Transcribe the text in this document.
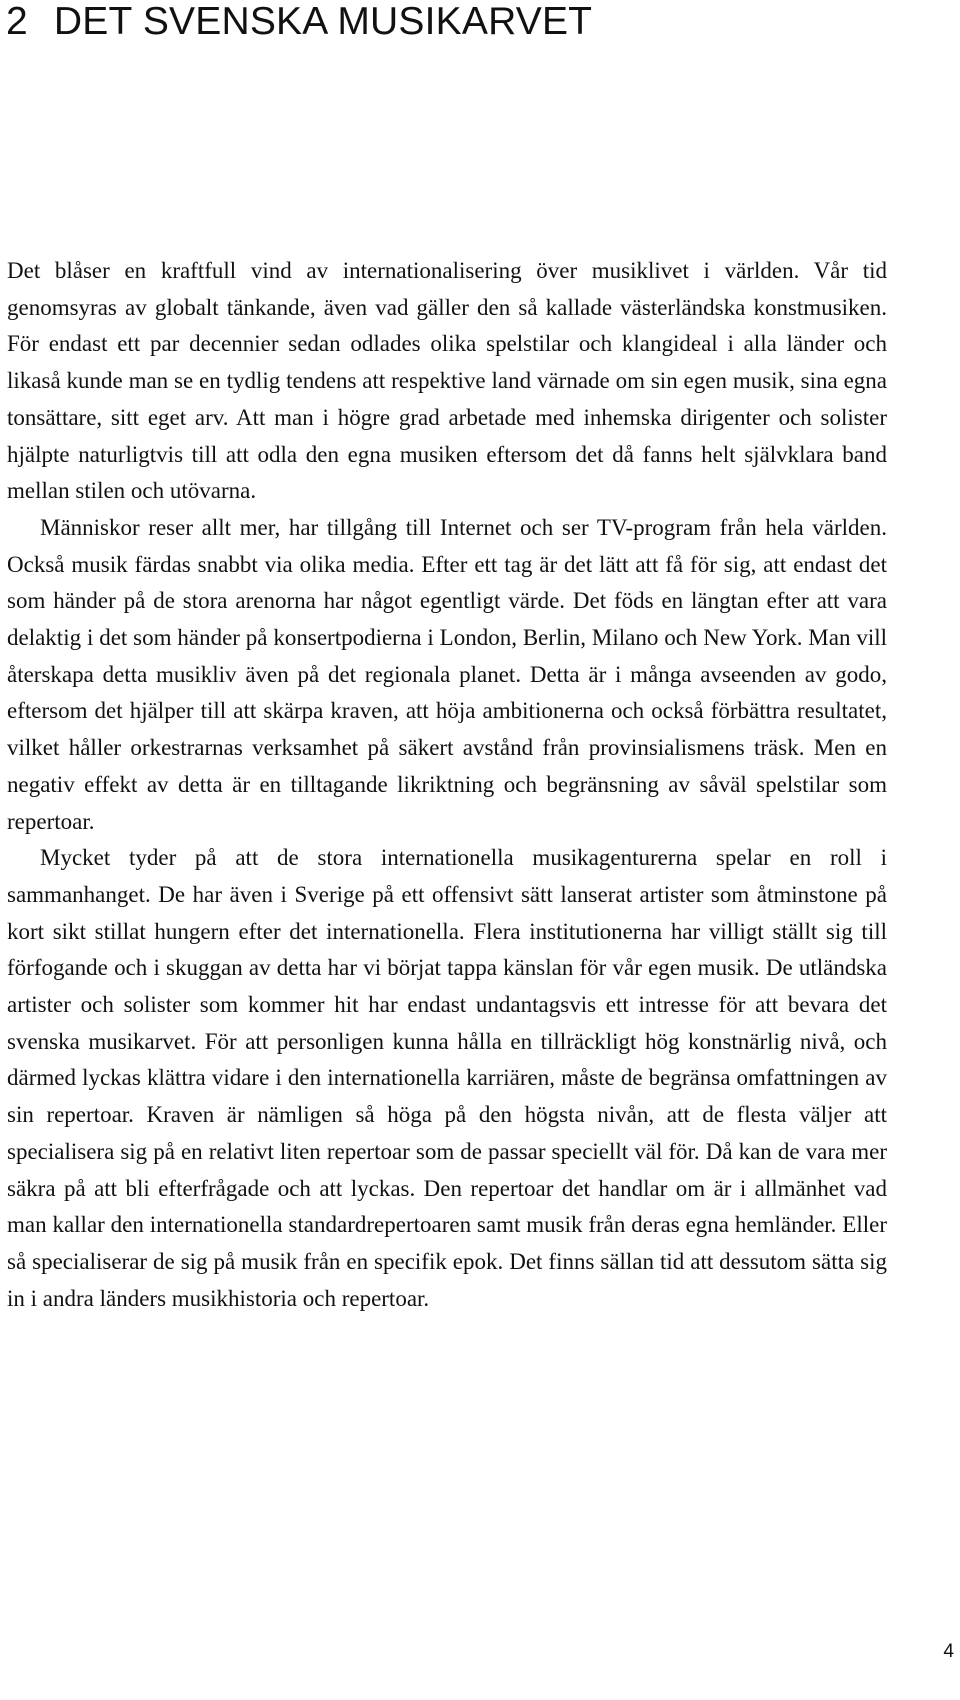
2 DET SVENSKA MUSIKARVET

Det blåser en kraftfull vind av internationalisering över musiklivet i världen. Vår tid genomsyras av globalt tänkande, även vad gäller den så kallade västerländska konstmusiken. För endast ett par decennier sedan odlades olika spelstilar och klangideal i alla länder och likaså kunde man se en tydlig tendens att respektive land värnade om sin egen musik, sina egna tonsättare, sitt eget arv. Att man i högre grad arbetade med inhemska dirigenter och solister hjälpte naturligtvis till att odla den egna musiken eftersom det då fanns helt självklara band mellan stilen och utövarna.

Människor reser allt mer, har tillgång till Internet och ser TV-program från hela världen. Också musik färdas snabbt via olika media. Efter ett tag är det lätt att få för sig, att endast det som händer på de stora arenorna har något egentligt värde. Det föds en längtan efter att vara delaktig i det som händer på konsertpodierna i London, Berlin, Milano och New York. Man vill återskapa detta musikliv även på det regionala planet. Detta är i många avseenden av godo, eftersom det hjälper till att skärpa kraven, att höja ambitionerna och också förbättra resultatet, vilket håller orkestrarnas verksamhet på säkert avstånd från provinsialismens träsk. Men en negativ effekt av detta är en tilltagande likriktning och begränsning av såväl spelstilar som repertoar.

Mycket tyder på att de stora internationella musikagenturerna spelar en roll i sammanhanget. De har även i Sverige på ett offensivt sätt lanserat artister som åtminstone på kort sikt stillat hungern efter det internationella. Flera institutionerna har villigt ställt sig till förfogande och i skuggan av detta har vi börjat tappa känslan för vår egen musik. De utländska artister och solister som kommer hit har endast undantagsvis ett intresse för att bevara det svenska musikarvet. För att personligen kunna hålla en tillräckligt hög konstnärlig nivå, och därmed lyckas klättra vidare i den internationella karriären, måste de begränsa omfattningen av sin repertoar. Kraven är nämligen så höga på den högsta nivån, att de flesta väljer att specialisera sig på en relativt liten repertoar som de passar speciellt väl för. Då kan de vara mer säkra på att bli efterfrågade och att lyckas. Den repertoar det handlar om är i allmänhet vad man kallar den internationella standardrepertoaren samt musik från deras egna hemländer. Eller så specialiserar de sig på musik från en specifik epok. Det finns sällan tid att dessutom sätta sig in i andra länders musikhistoria och repertoar.

4
